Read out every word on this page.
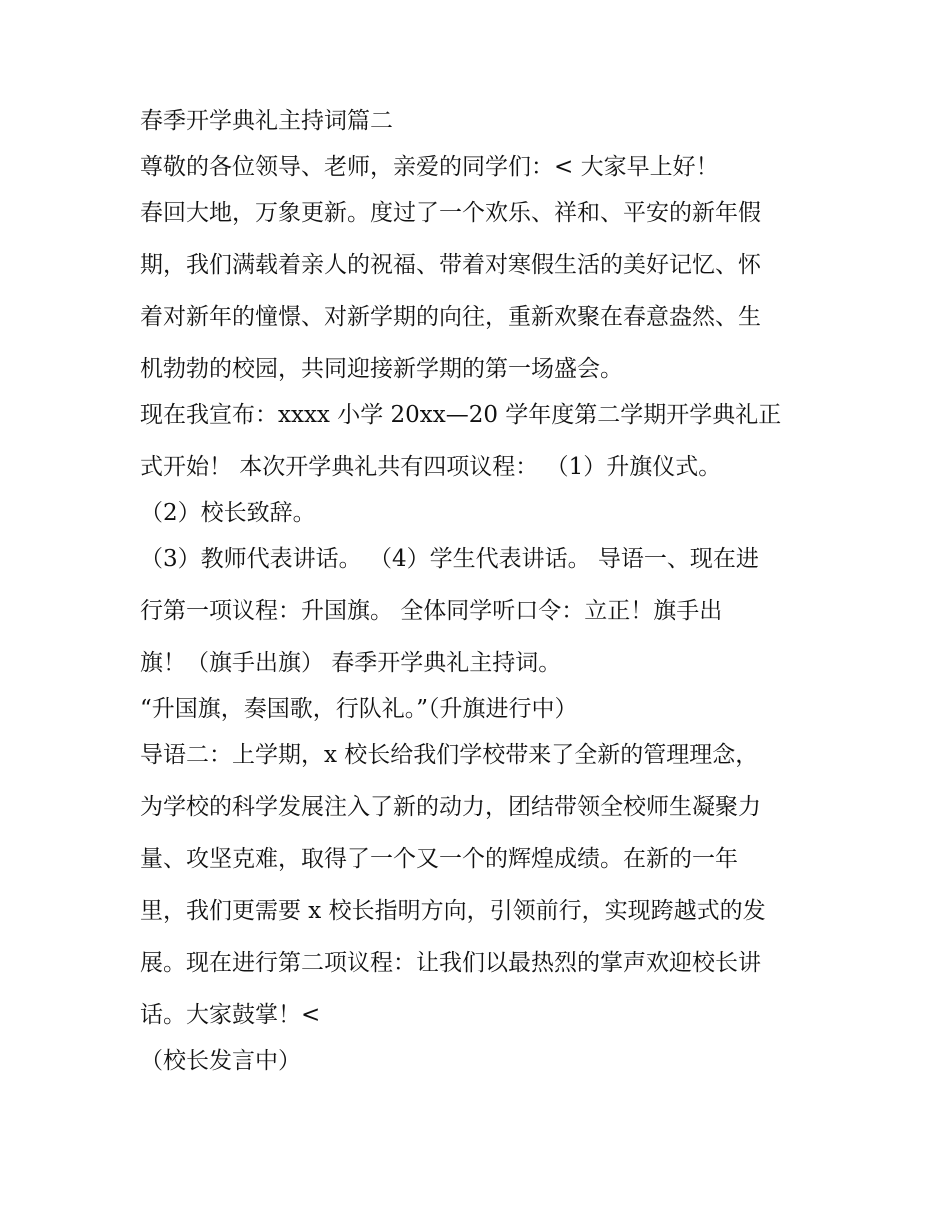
春季开学典礼主持词篇二

尊敬的各位领导、老师，亲爱的同学们：< 大家早上好！

春回大地，万象更新。度过了一个欢乐、祥和、平安的新年假

期，我们满载着亲人的祝福、带着对寒假生活的美好记忆、怀

着对新年的憧憬、对新学期的向往，重新欢聚在春意盎然、生

机勃勃的校园，共同迎接新学期的第一场盛会。

现在我宣布：xxxx 小学 20xx—20 学年度第二学期开学典礼正

式开始！ 本次开学典礼共有四项议程： （1）升旗仪式。

（2）校长致辞。

（3）教师代表讲话。 （4）学生代表讲话。 导语一、现在进

行第一项议程：升国旗。 全体同学听口令：立正！旗手出

旗！（旗手出旗） 春季开学典礼主持词。

“升国旗，奏国歌，行队礼。”（升旗进行中）

导语二：上学期，x 校长给我们学校带来了全新的管理理念，

为学校的科学发展注入了新的动力，团结带领全校师生凝聚力

量、攻坚克难，取得了一个又一个的辉煌成绩。在新的一年

里，我们更需要 x 校长指明方向，引领前行，实现跨越式的发

展。现在进行第二项议程：让我们以最热烈的掌声欢迎校长讲

话。大家鼓掌！<

（校长发言中）
